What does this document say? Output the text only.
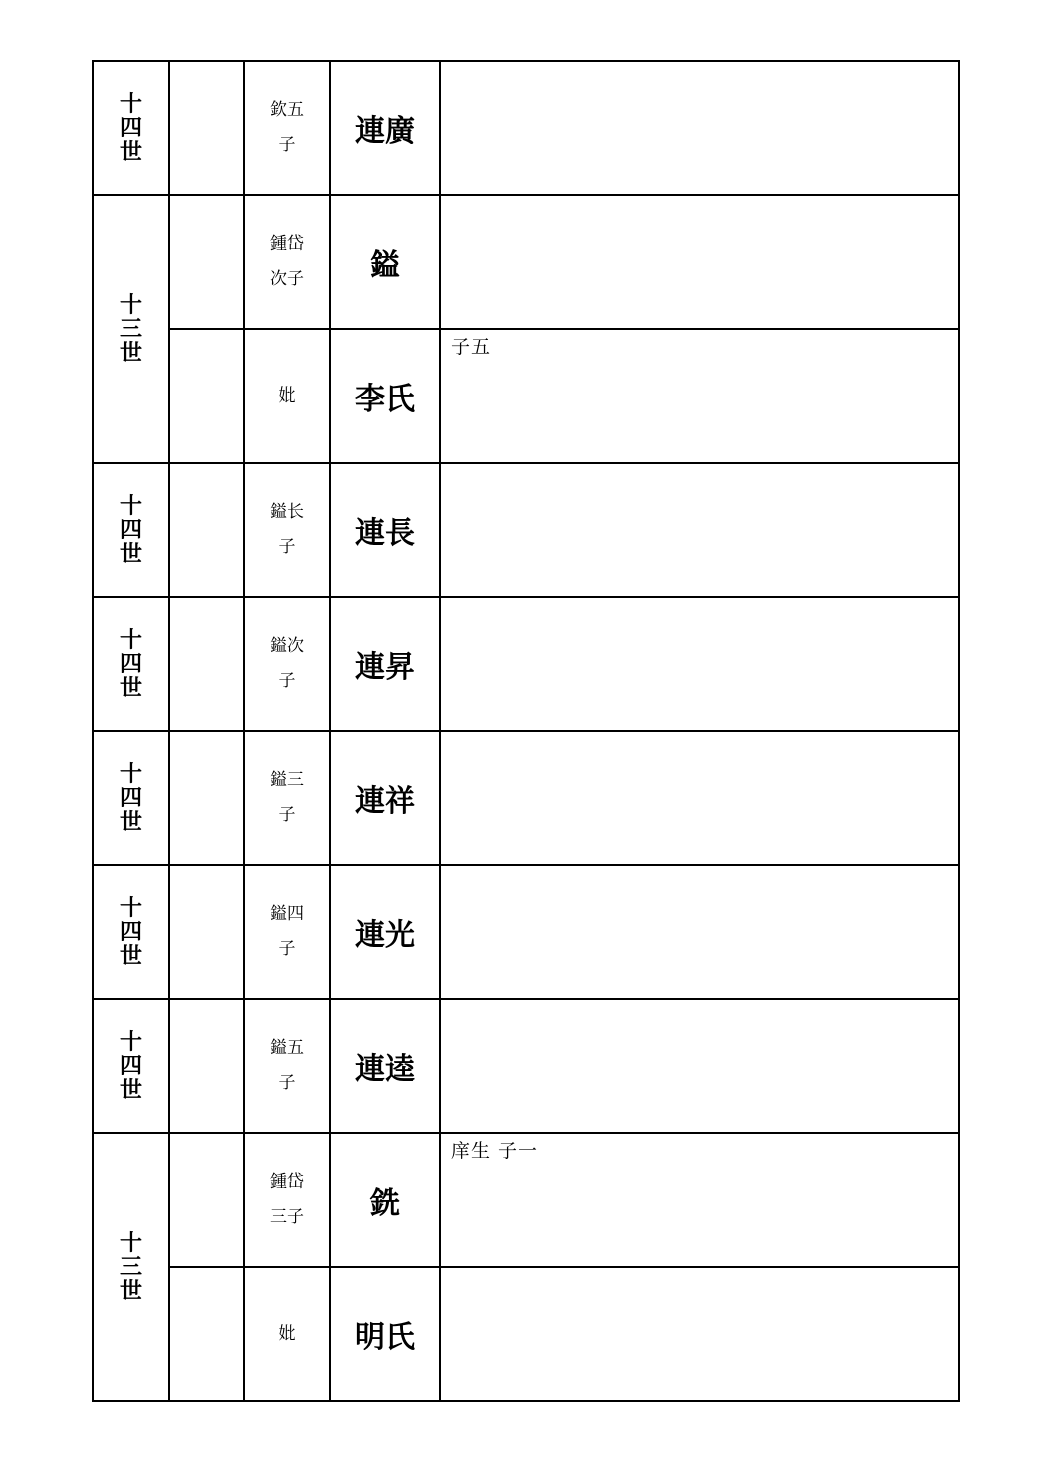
十
四
世		欽五子	連廣	

十
三
世		鍾岱次子	鎰	
		妣	李氏	子五

十
四
世		鎰长子	連長	

十
四
世		鎰次子	連昇	

十
四
世		鎰三子	連祥	

十
四
世		鎰四子	連光	

十
四
世		鎰五子	連逵	

十
三
世		鍾岱三子	銑	庠生 子一
		妣	明氏	
